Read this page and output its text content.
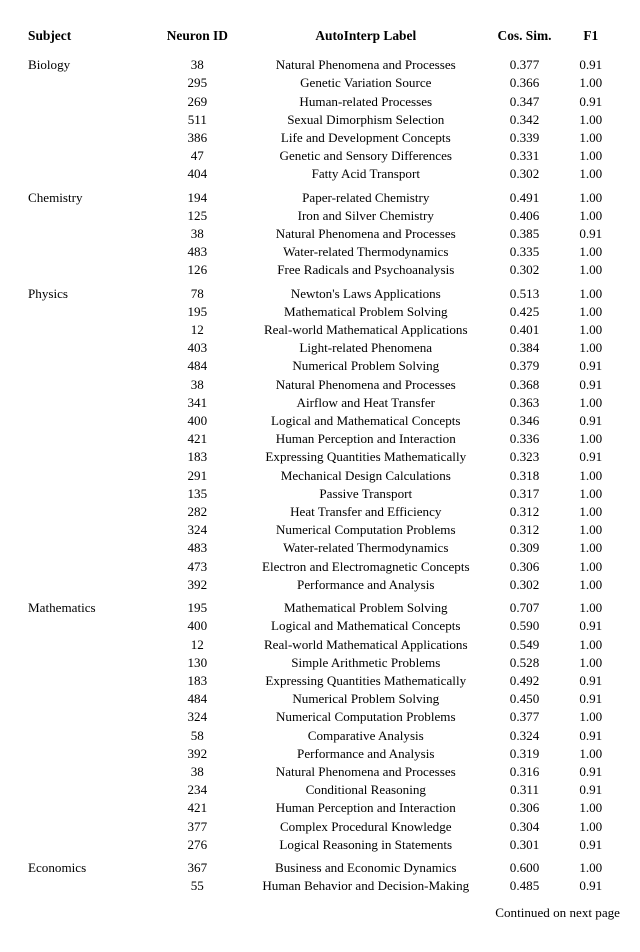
Subject	Neuron ID	AutoInterp Label	Cos. Sim.	F1

Biology	38	Natural Phenomena and Processes	0.377	0.91
	295	Genetic Variation Source	0.366	1.00
	269	Human-related Processes	0.347	0.91
	511	Sexual Dimorphism Selection	0.342	1.00
	386	Life and Development Concepts	0.339	1.00
	47	Genetic and Sensory Differences	0.331	1.00
	404	Fatty Acid Transport	0.302	1.00

Chemistry	194	Paper-related Chemistry	0.491	1.00
	125	Iron and Silver Chemistry	0.406	1.00
	38	Natural Phenomena and Processes	0.385	0.91
	483	Water-related Thermodynamics	0.335	1.00
	126	Free Radicals and Psychoanalysis	0.302	1.00

Physics	78	Newton's Laws Applications	0.513	1.00
	195	Mathematical Problem Solving	0.425	1.00
	12	Real-world Mathematical Applications	0.401	1.00
	403	Light-related Phenomena	0.384	1.00
	484	Numerical Problem Solving	0.379	0.91
	38	Natural Phenomena and Processes	0.368	0.91
	341	Airflow and Heat Transfer	0.363	1.00
	400	Logical and Mathematical Concepts	0.346	0.91
	421	Human Perception and Interaction	0.336	1.00
	183	Expressing Quantities Mathematically	0.323	0.91
	291	Mechanical Design Calculations	0.318	1.00
	135	Passive Transport	0.317	1.00
	282	Heat Transfer and Efficiency	0.312	1.00
	324	Numerical Computation Problems	0.312	1.00
	483	Water-related Thermodynamics	0.309	1.00
	473	Electron and Electromagnetic Concepts	0.306	1.00
	392	Performance and Analysis	0.302	1.00

Mathematics	195	Mathematical Problem Solving	0.707	1.00
	400	Logical and Mathematical Concepts	0.590	0.91
	12	Real-world Mathematical Applications	0.549	1.00
	130	Simple Arithmetic Problems	0.528	1.00
	183	Expressing Quantities Mathematically	0.492	0.91
	484	Numerical Problem Solving	0.450	0.91
	324	Numerical Computation Problems	0.377	1.00
	58	Comparative Analysis	0.324	0.91
	392	Performance and Analysis	0.319	1.00
	38	Natural Phenomena and Processes	0.316	0.91
	234	Conditional Reasoning	0.311	0.91
	421	Human Perception and Interaction	0.306	1.00
	377	Complex Procedural Knowledge	0.304	1.00
	276	Logical Reasoning in Statements	0.301	0.91

Economics	367	Business and Economic Dynamics	0.600	1.00
	55	Human Behavior and Decision-Making	0.485	0.91

Continued on next page
